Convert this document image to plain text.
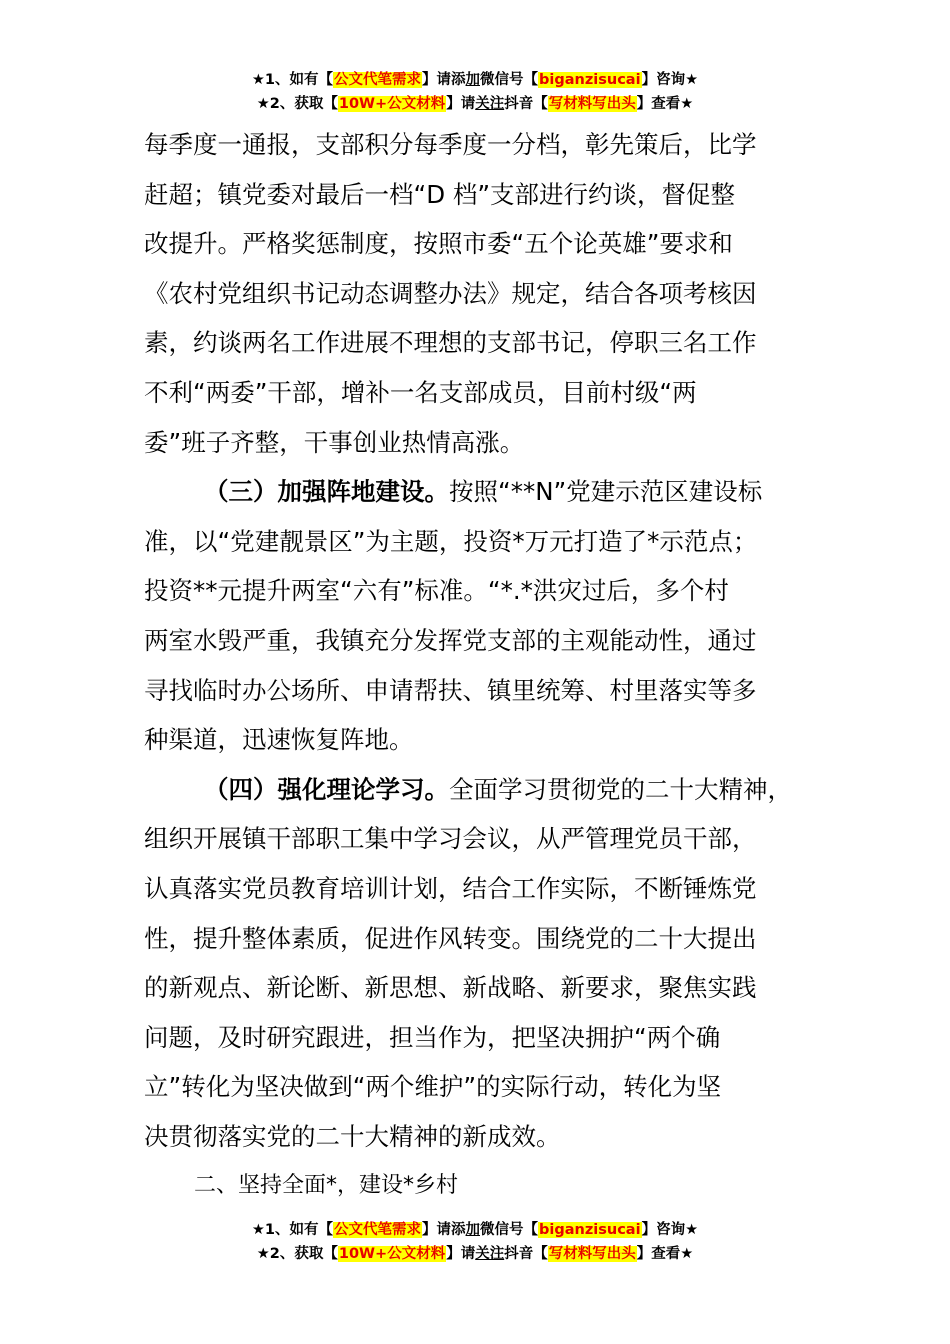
★1、如有【公文代笔需求】请添加微信号【biganzisucai】咨询★
★2、获取【10W+公文材料】请关注抖音【写材料写出头】查看★

每季度一通报，支部积分每季度一分档，彰先策后，比学
赶超；镇党委对最后一档“D 档”支部进行约谈，督促整
改提升。严格奖惩制度，按照市委“五个论英雄”要求和
《农村党组织书记动态调整办法》规定，结合各项考核因
素，约谈两名工作进展不理想的支部书记，停职三名工作
不利“两委”干部，增补一名支部成员，目前村级“两
委”班子齐整，干事创业热情高涨。

（三）加强阵地建设。按照“**N”党建示范区建设标
准，以“党建靓景区”为主题，投资*万元打造了*示范点；
投资**元提升两室“六有”标准。“*.*洪灾过后，多个村
两室水毁严重，我镇充分发挥党支部的主观能动性，通过
寻找临时办公场所、申请帮扶、镇里统筹、村里落实等多
种渠道，迅速恢复阵地。

（四）强化理论学习。全面学习贯彻党的二十大精神，
组织开展镇干部职工集中学习会议，从严管理党员干部，
认真落实党员教育培训计划，结合工作实际，不断锤炼党
性，提升整体素质，促进作风转变。围绕党的二十大提出
的新观点、新论断、新思想、新战略、新要求，聚焦实践
问题，及时研究跟进，担当作为，把坚决拥护“两个确
立”转化为坚决做到“两个维护”的实际行动，转化为坚
决贯彻落实党的二十大精神的新成效。

二、坚持全面*，建设*乡村

★1、如有【公文代笔需求】请添加微信号【biganzisucai】咨询★
★2、获取【10W+公文材料】请关注抖音【写材料写出头】查看★
